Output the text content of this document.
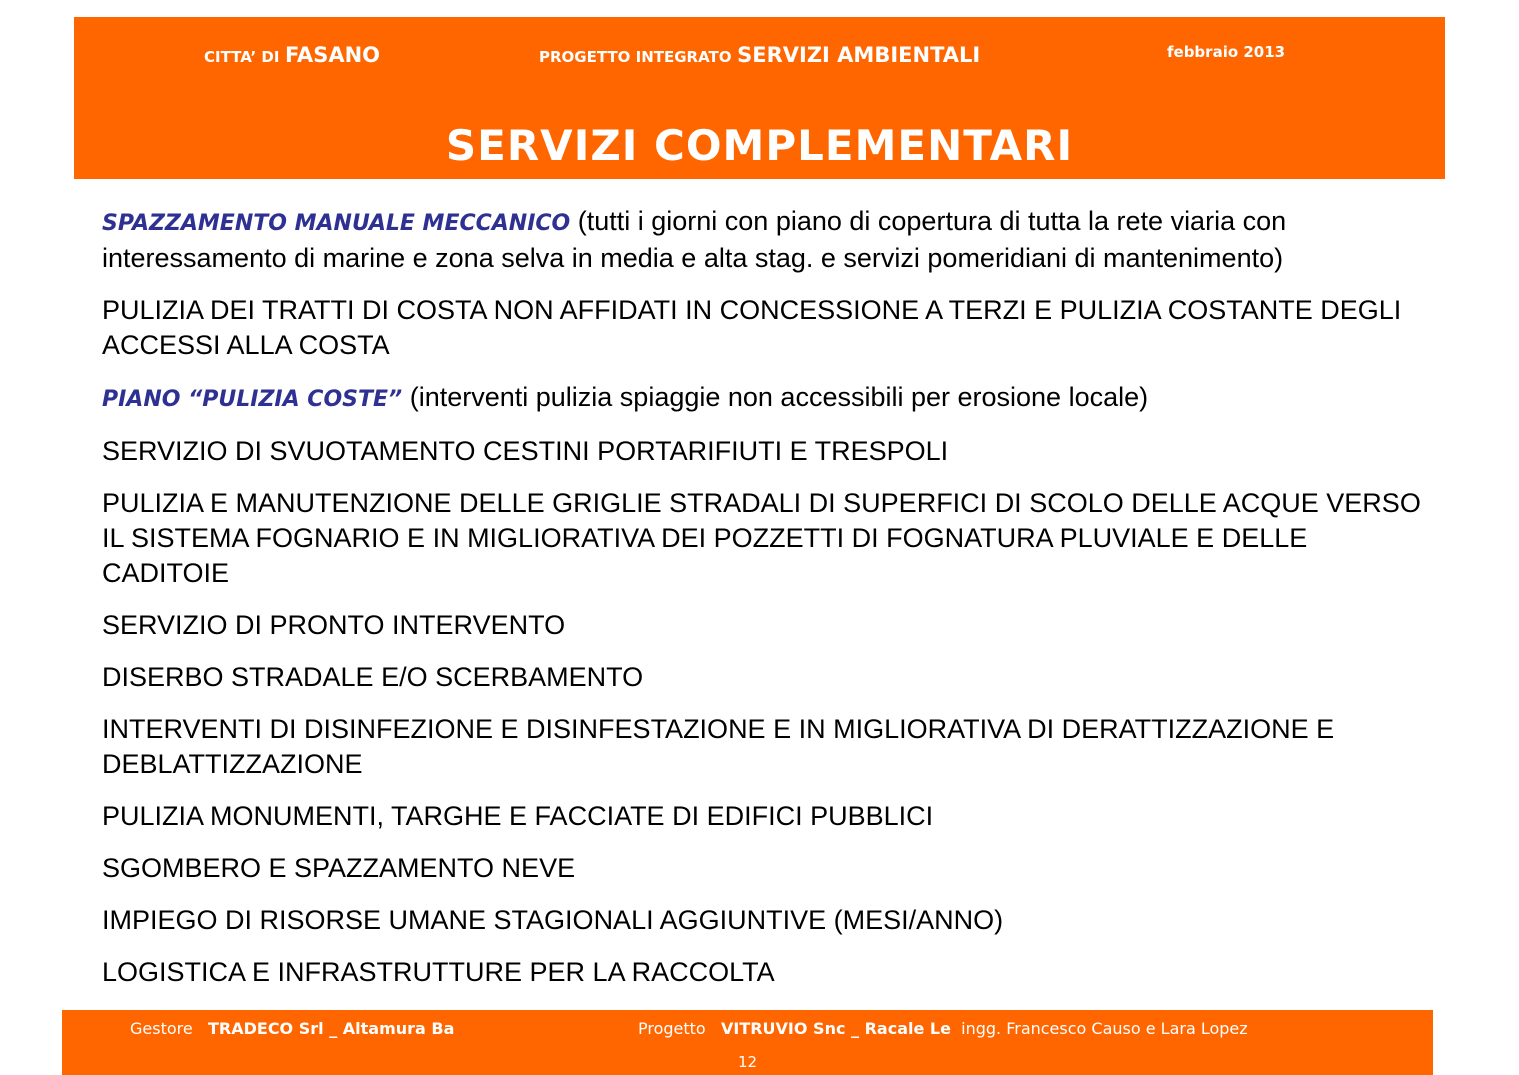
CITTA’ DI FASANO	PROGETTO INTEGRATO SERVIZI AMBIENTALI	febbraio 2013
SERVIZI COMPLEMENTARI

SPAZZAMENTO MANUALE MECCANICO (tutti i giorni con piano di copertura di tutta la rete viaria con interessamento di marine e zona selva in media e alta stag. e servizi pomeridiani di mantenimento)

PULIZIA DEI TRATTI DI COSTA NON AFFIDATI IN CONCESSIONE A TERZI E PULIZIA COSTANTE DEGLI ACCESSI ALLA COSTA

PIANO “PULIZIA COSTE” (interventi pulizia spiaggie non accessibili per erosione locale)

SERVIZIO DI SVUOTAMENTO CESTINI PORTARIFIUTI E TRESPOLI

PULIZIA E MANUTENZIONE DELLE GRIGLIE STRADALI DI SUPERFICI DI SCOLO DELLE ACQUE VERSO IL SISTEMA FOGNARIO E IN MIGLIORATIVA DEI POZZETTI DI FOGNATURA PLUVIALE E DELLE CADITOIE

SERVIZIO DI PRONTO INTERVENTO

DISERBO STRADALE E/O SCERBAMENTO

INTERVENTI DI DISINFEZIONE E DISINFESTAZIONE E IN MIGLIORATIVA DI DERATTIZZAZIONE E DEBLATTIZZAZIONE

PULIZIA MONUMENTI, TARGHE E FACCIATE DI EDIFICI PUBBLICI

SGOMBERO E SPAZZAMENTO NEVE

IMPIEGO DI RISORSE UMANE STAGIONALI AGGIUNTIVE (MESI/ANNO)

LOGISTICA E INFRASTRUTTURE PER LA RACCOLTA

Gestore TRADECO Srl _ Altamura Ba	Progetto VITRUVIO Snc _ Racale Le ingg. Francesco Causo e Lara Lopez
12
